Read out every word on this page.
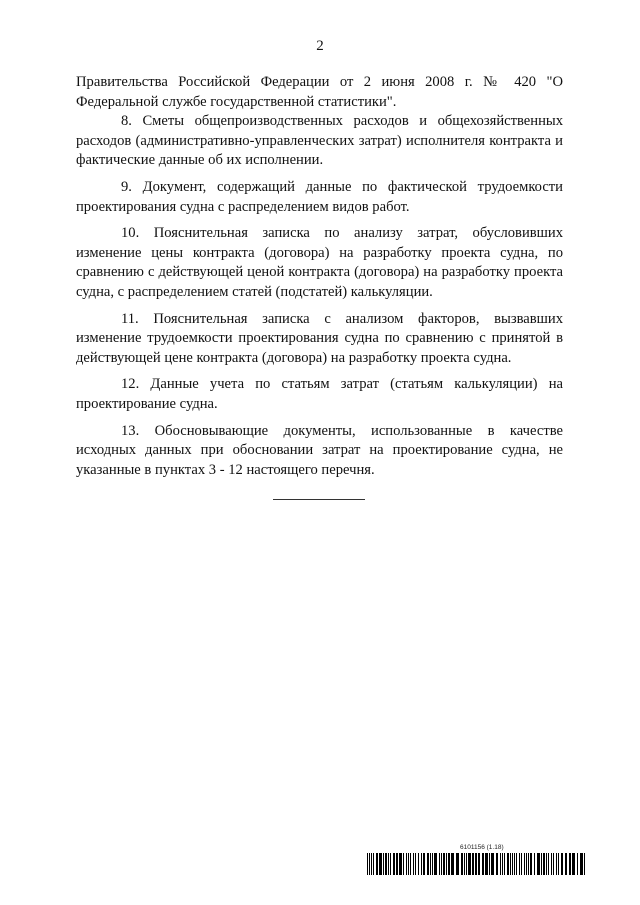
2

Правительства Российской Федерации от 2 июня 2008 г. № 420 "О Федеральной службе государственной статистики".

8. Сметы общепроизводственных расходов и общехозяйственных расходов (административно-управленческих затрат) исполнителя контракта и фактические данные об их исполнении.

9. Документ, содержащий данные по фактической трудоемкости проектирования судна с распределением видов работ.

10. Пояснительная записка по анализу затрат, обусловивших изменение цены контракта (договора) на разработку проекта судна, по сравнению с действующей ценой контракта (договора) на разработку проекта судна, с распределением статей (подстатей) калькуляции.

11. Пояснительная записка с анализом факторов, вызвавших изменение трудоемкости проектирования судна по сравнению с принятой в действующей цене контракта (договора) на разработку проекта судна.

12. Данные учета по статьям затрат (статьям калькуляции) на проектирование судна.

13. Обосновывающие документы, использованные в качестве исходных данных при обосновании затрат на проектирование судна, не указанные в пунктах 3 - 12 настоящего перечня.

6101156 (1.18)
